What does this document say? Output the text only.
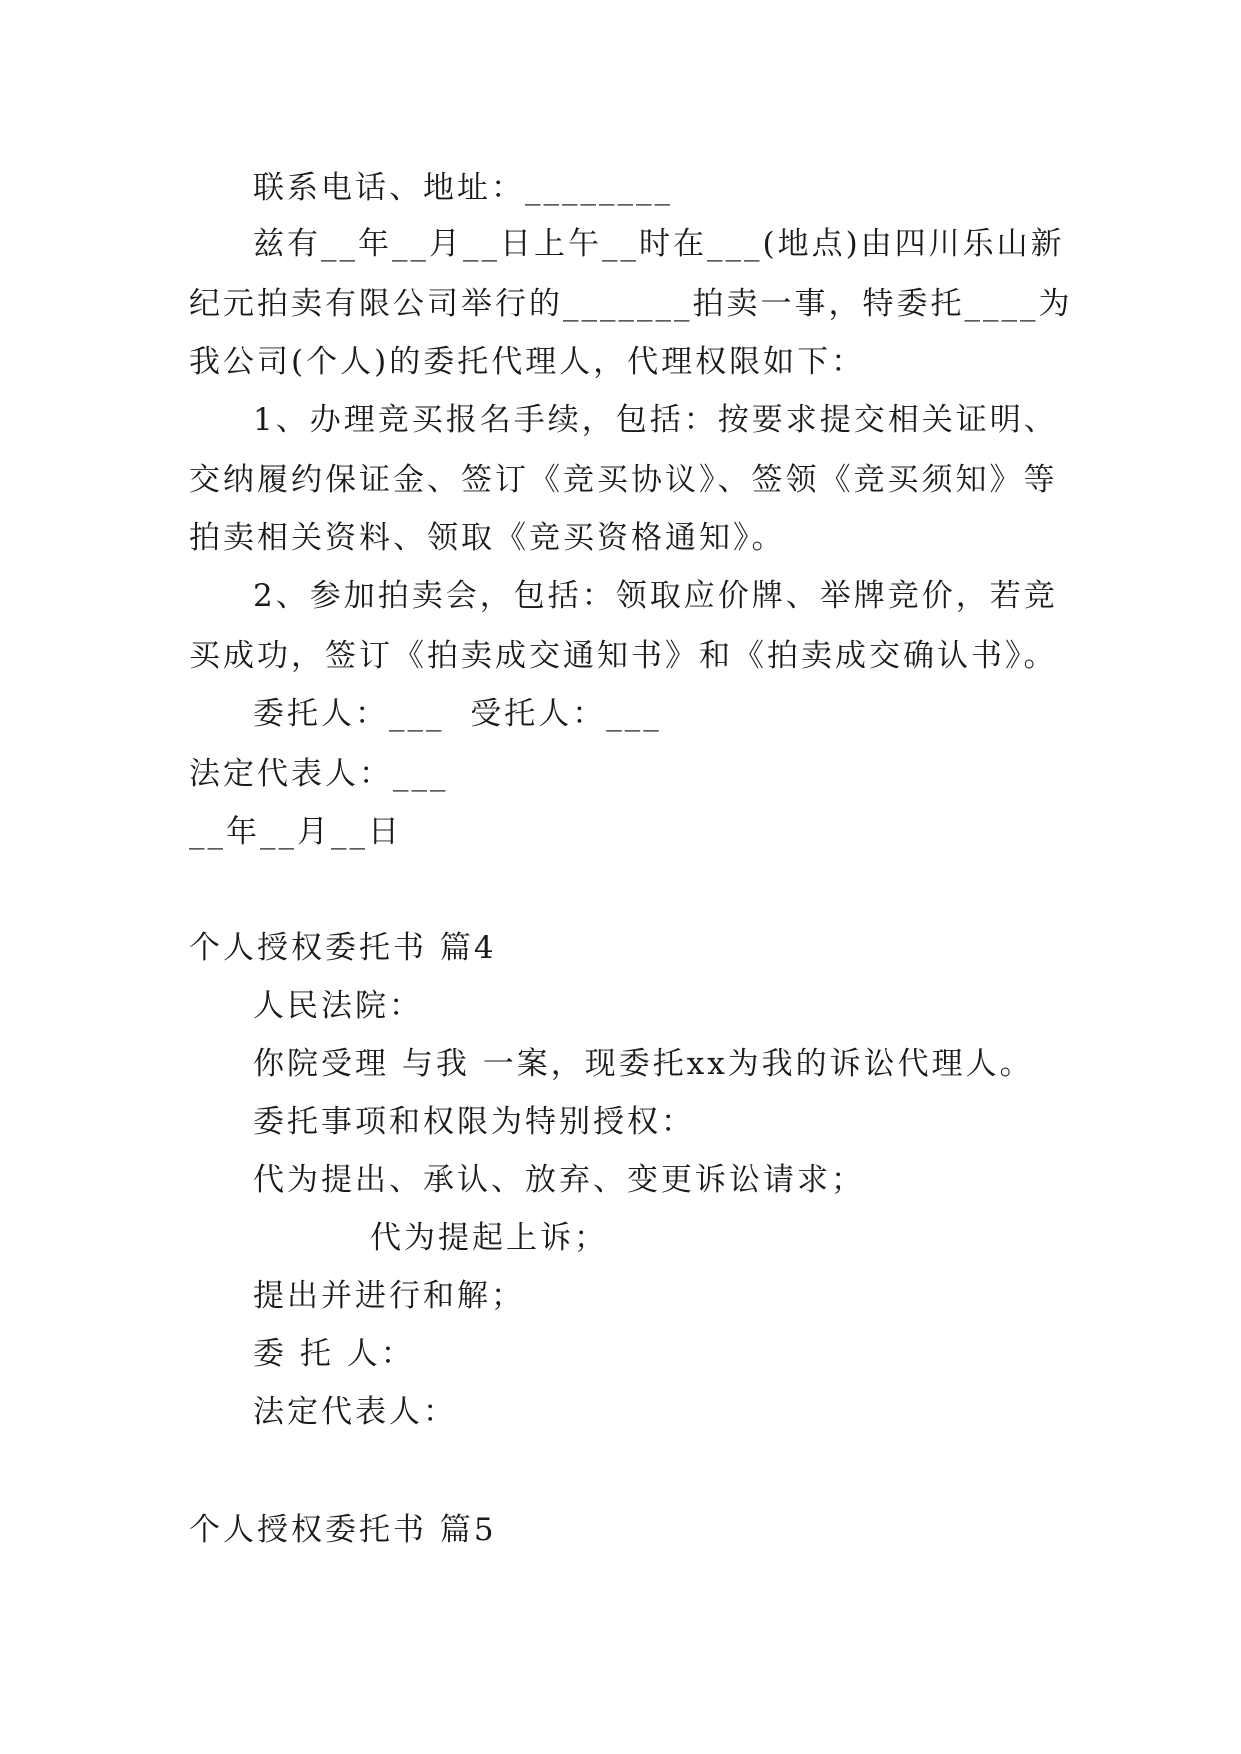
联系电话、地址：________
兹有__年__月__日上午__时在___(地点)由四川乐山新
纪元拍卖有限公司举行的_______拍卖一事，特委托____为
我公司(个人)的委托代理人，代理权限如下：
1、办理竞买报名手续，包括：按要求提交相关证明、
交纳履约保证金、签订《竞买协议》、签领《竞买须知》等
拍卖相关资料、领取《竞买资格通知》。
2、参加拍卖会，包括：领取应价牌、举牌竞价，若竞
买成功，签订《拍卖成交通知书》和《拍卖成交确认书》。
委托人：___  受托人：___
法定代表人：___
__年__月__日
个人授权委托书 篇4
人民法院：
你院受理 与我 一案，现委托xx为我的诉讼代理人。
委托事项和权限为特别授权：
代为提出、承认、放弃、变更诉讼请求；
代为提起上诉；
提出并进行和解；
委 托 人：
法定代表人：
个人授权委托书 篇5
